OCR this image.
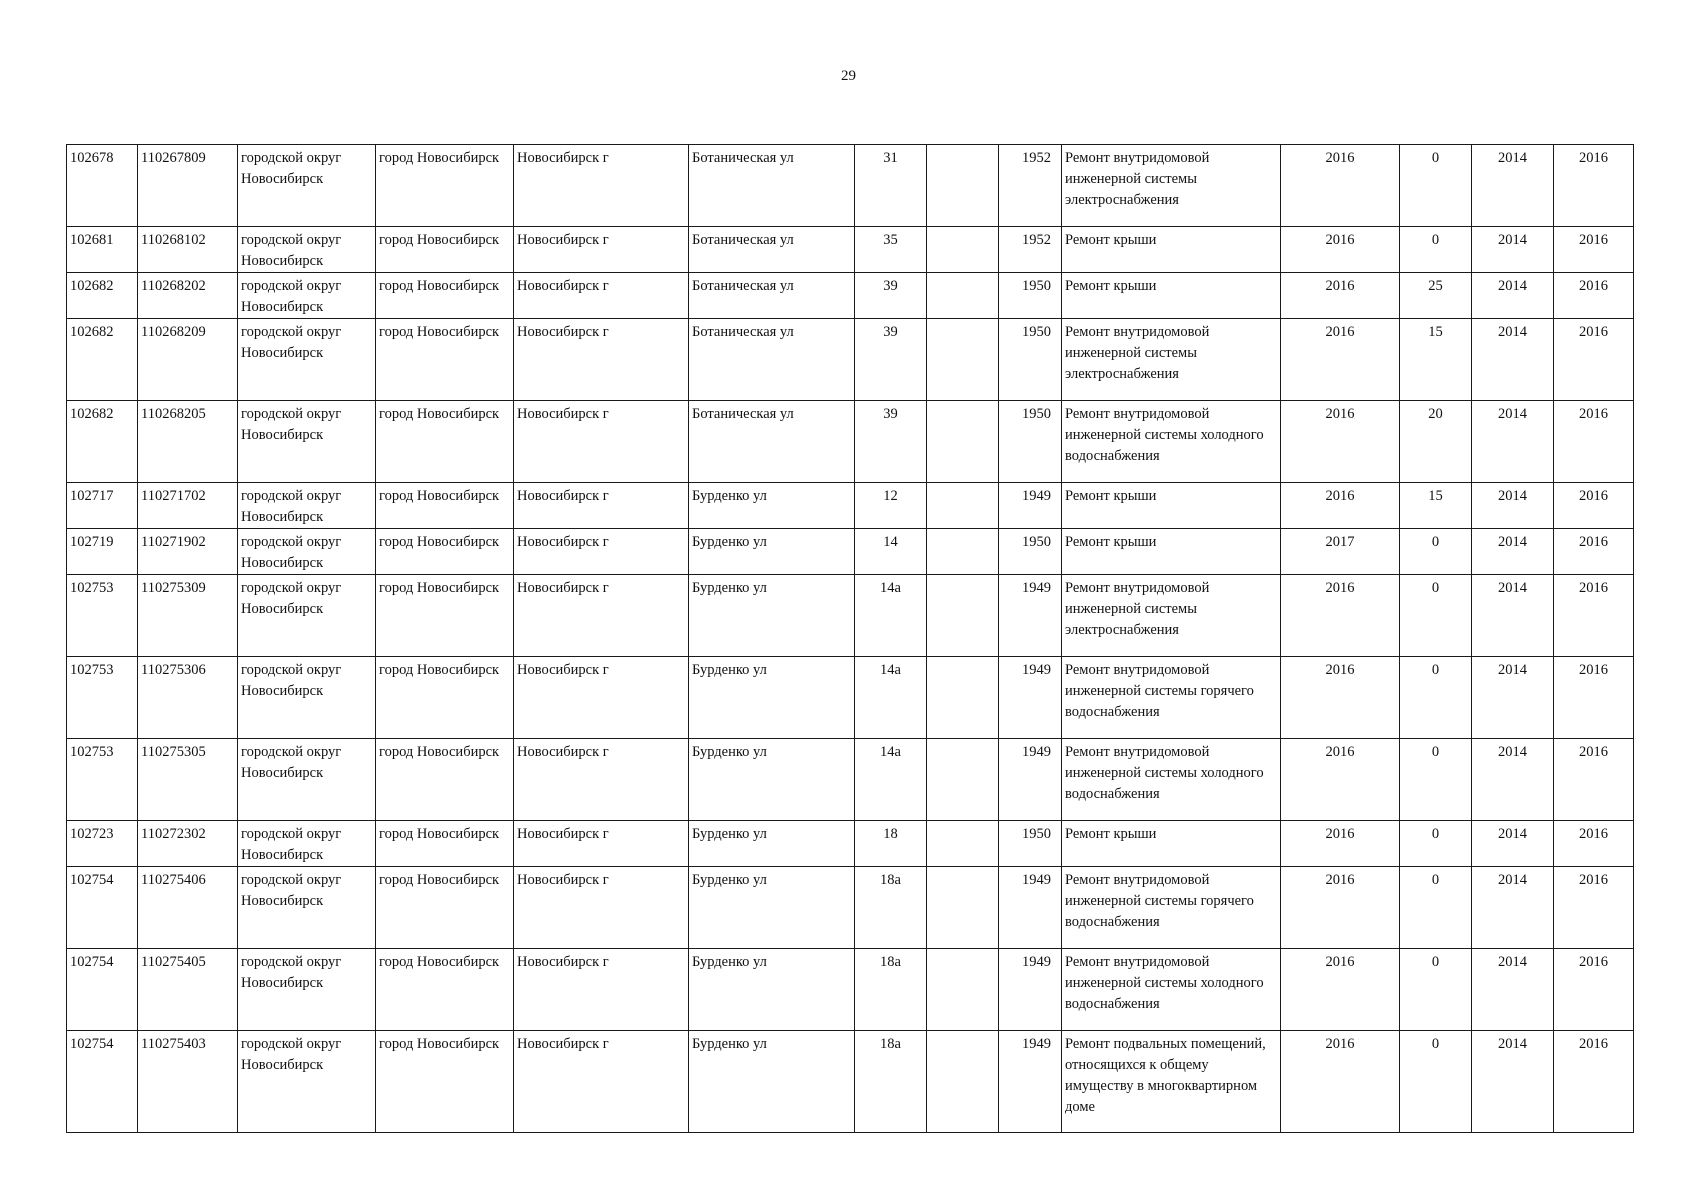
29
102678	110267809	городской округ Новосибирск	город Новосибирск	Новосибирск г	Ботаническая ул	31		1952	Ремонт внутридомовой инженерной системы электроснабжения	2016	0	2014	2016
102681	110268102	городской округ Новосибирск	город Новосибирск	Новосибирск г	Ботаническая ул	35		1952	Ремонт крыши	2016	0	2014	2016
102682	110268202	городской округ Новосибирск	город Новосибирск	Новосибирск г	Ботаническая ул	39		1950	Ремонт крыши	2016	25	2014	2016
102682	110268209	городской округ Новосибирск	город Новосибирск	Новосибирск г	Ботаническая ул	39		1950	Ремонт внутридомовой инженерной системы электроснабжения	2016	15	2014	2016
102682	110268205	городской округ Новосибирск	город Новосибирск	Новосибирск г	Ботаническая ул	39		1950	Ремонт внутридомовой инженерной системы холодного водоснабжения	2016	20	2014	2016
102717	110271702	городской округ Новосибирск	город Новосибирск	Новосибирск г	Бурденко ул	12		1949	Ремонт крыши	2016	15	2014	2016
102719	110271902	городской округ Новосибирск	город Новосибирск	Новосибирск г	Бурденко ул	14		1950	Ремонт крыши	2017	0	2014	2016
102753	110275309	городской округ Новосибирск	город Новосибирск	Новосибирск г	Бурденко ул	14а		1949	Ремонт внутридомовой инженерной системы электроснабжения	2016	0	2014	2016
102753	110275306	городской округ Новосибирск	город Новосибирск	Новосибирск г	Бурденко ул	14а		1949	Ремонт внутридомовой инженерной системы горячего водоснабжения	2016	0	2014	2016
102753	110275305	городской округ Новосибирск	город Новосибирск	Новосибирск г	Бурденко ул	14а		1949	Ремонт внутридомовой инженерной системы холодного водоснабжения	2016	0	2014	2016
102723	110272302	городской округ Новосибирск	город Новосибирск	Новосибирск г	Бурденко ул	18		1950	Ремонт крыши	2016	0	2014	2016
102754	110275406	городской округ Новосибирск	город Новосибирск	Новосибирск г	Бурденко ул	18а		1949	Ремонт внутридомовой инженерной системы горячего водоснабжения	2016	0	2014	2016
102754	110275405	городской округ Новосибирск	город Новосибирск	Новосибирск г	Бурденко ул	18а		1949	Ремонт внутридомовой инженерной системы холодного водоснабжения	2016	0	2014	2016
102754	110275403	городской округ Новосибирск	город Новосибирск	Новосибирск г	Бурденко ул	18а		1949	Ремонт подвальных помещений, относящихся к общему имуществу в многоквартирном доме	2016	0	2014	2016
